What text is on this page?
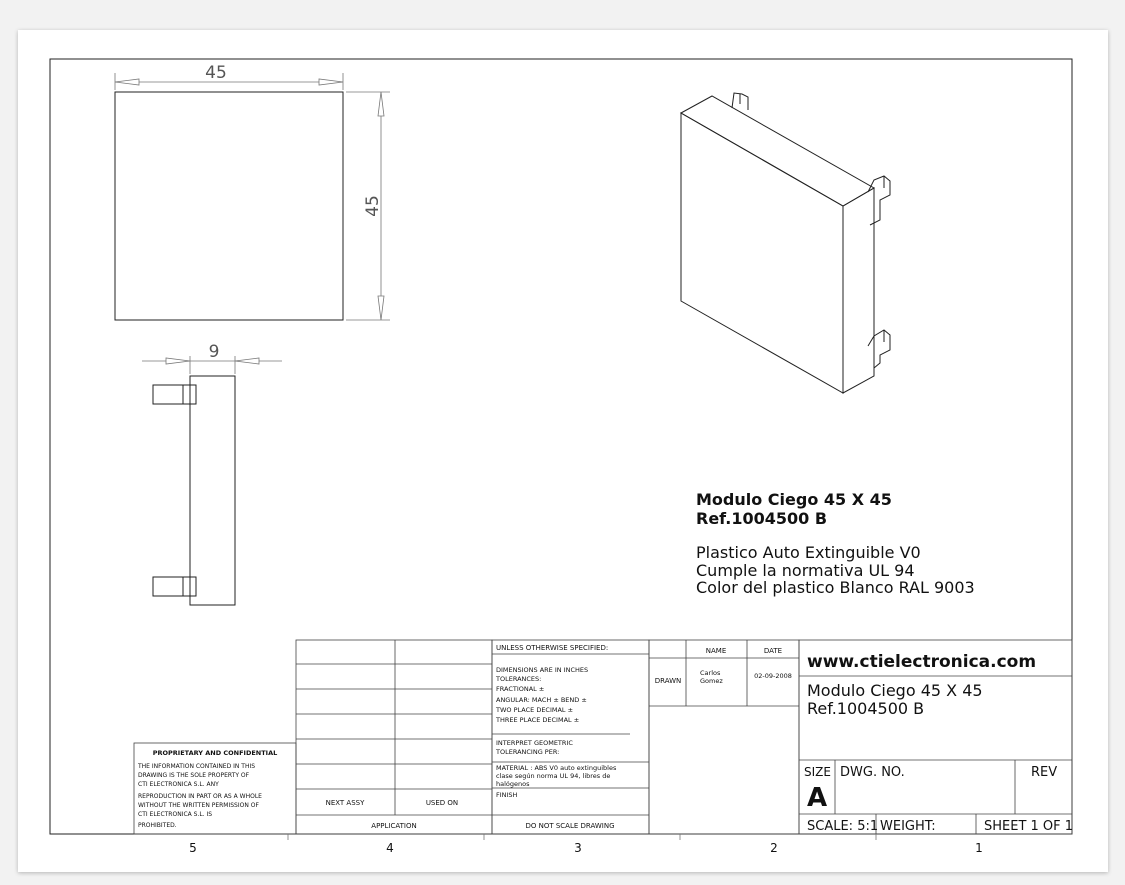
45
45
9
Modulo Ciego 45 X 45
Ref.1004500 B
Plastico Auto Extinguible V0
Cumple la normativa UL 94
Color del plastico Blanco RAL 9003
PROPRIETARY AND CONFIDENTIAL
THE INFORMATION CONTAINED IN THIS
DRAWING IS THE SOLE PROPERTY OF
CTI ELECTRONICA S.L. ANY
REPRODUCTION IN PART OR AS A WHOLE
WITHOUT THE WRITTEN PERMISSION OF
CTI ELECTRONICA S.L. IS
PROHIBITED.
NEXT ASSY	USED ON
APPLICATION
UNLESS OTHERWISE SPECIFIED:
DIMENSIONS ARE IN INCHES
TOLERANCES:
FRACTIONAL ±
ANGULAR: MACH ± BEND ±
TWO PLACE DECIMAL ±
THREE PLACE DECIMAL ±
INTERPRET GEOMETRIC
TOLERANCING PER:
MATERIAL : ABS V0 auto extinguibles
clase según norma UL 94, libres de
halógenos
FINISH
DO NOT SCALE DRAWING
NAME	DATE
DRAWN
Carlos
Gomez
02-09-2008
www.ctielectronica.com
Modulo Ciego 45 X 45
Ref.1004500 B
SIZE
A
DWG. NO.	REV
SCALE: 5:1 WEIGHT:	SHEET 1 OF 1
5	4	3	2	1
